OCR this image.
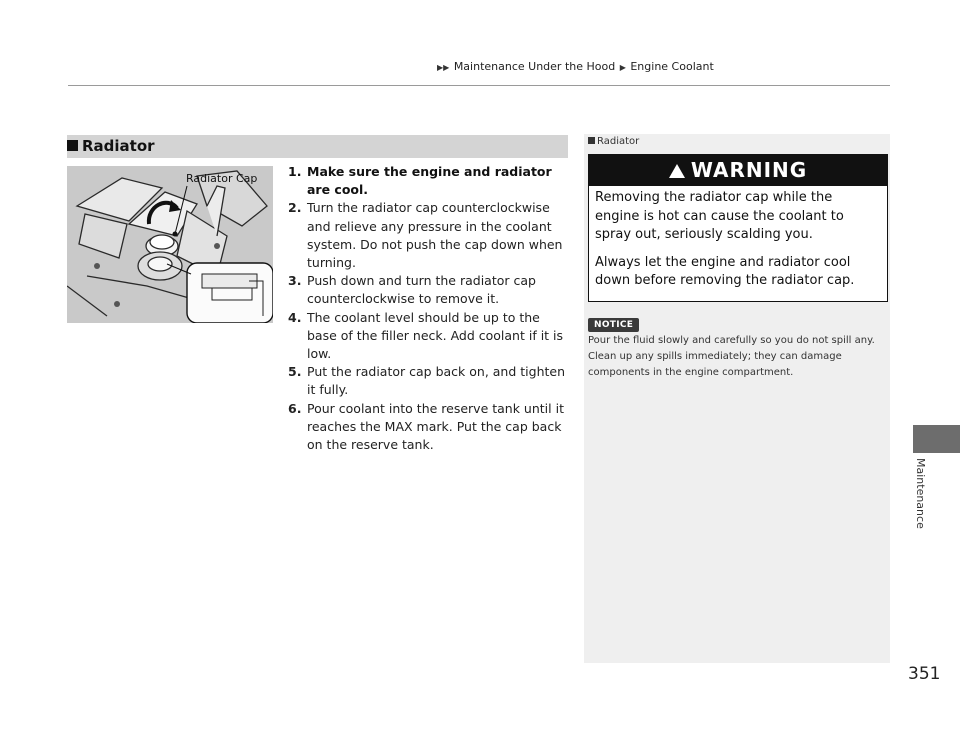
▶▶ Maintenance Under the Hood ▶ Engine Coolant
Radiator
Radiator Cap 1. Make sure the engine and radiator are cool.

2. Turn the radiator cap counterclockwise and relieve any pressure in the coolant system. Do not push the cap down when turning.

3. Push down and turn the radiator cap counterclockwise to remove it.

4. The coolant level should be up to the base of the filler neck. Add coolant if it is low.

5. Put the radiator cap back on, and tighten it fully.

6. Pour coolant into the reserve tank until it reaches the MAX mark. Put the cap back on the reserve tank.

Radiator
WARNING

Removing the radiator cap while the engine is hot can cause the coolant to spray out, seriously scalding you.

Always let the engine and radiator cool down before removing the radiator cap.

NOTICE
Pour the fluid slowly and carefully so you do not spill any. Clean up any spills immediately; they can damage components in the engine compartment.
Maintenance
351
